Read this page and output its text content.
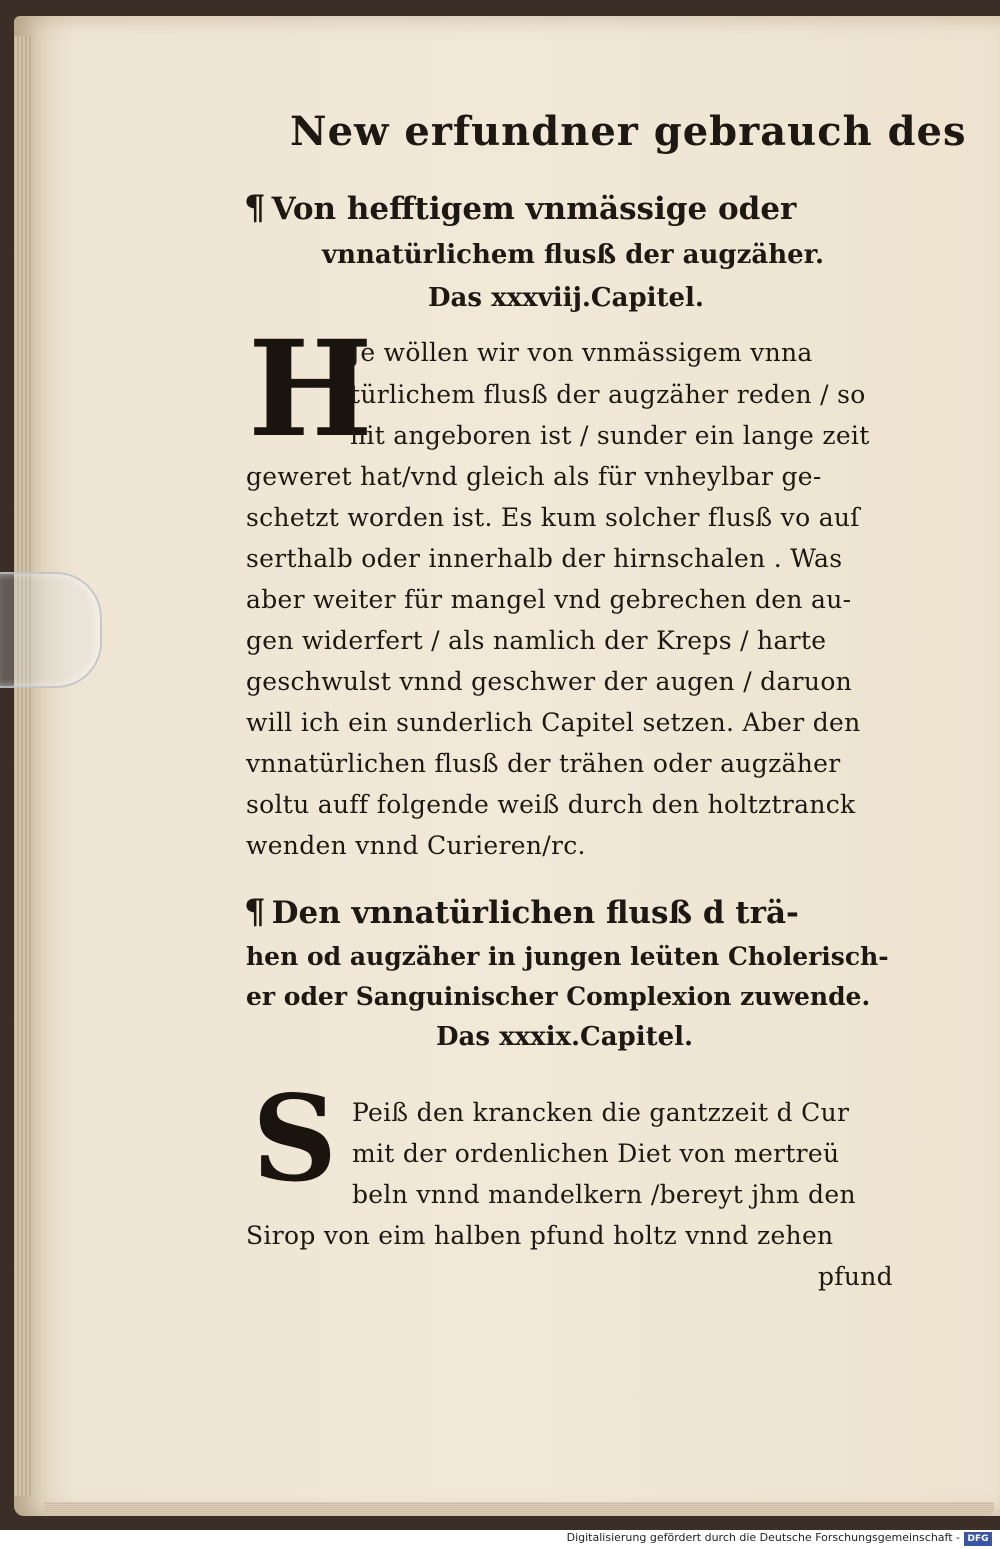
New erfundner gebrauch des
¶ Von hefftigem vnmässige oder
vnnatürlichem flusß der augzäher.
Das xxxviij.Capitel.
H
Je wöllen wir von vnmässigem vnna
türlichem flusß der augzäher reden / so
nit angeboren ist / sunder ein lange zeit
geweret hat/vnd gleich als für vnheylbar ge-
schetzt worden ist. Es kum solcher flusß vo auſ
serthalb oder innerhalb der hirnschalen . Was
aber weiter für mangel vnd gebrechen den au-
gen widerfert / als namlich der Kreps / harte
geschwulst vnnd geschwer der augen / daruon
will ich ein sunderlich Capitel setzen. Aber den
vnnatürlichen flusß der trähen oder augzäher
soltu auff folgende weiß durch den holtztranck
wenden vnnd Curieren/rc.
¶ Den vnnatürlichen flusß d trä-
hen od augzäher in jungen leüten Cholerisch-
er oder Sanguinischer Complexion zuwende.
Das xxxix.Capitel.
S Peiß den krancken die gantzzeit d Cur
mit der ordenlichen Diet von mertreü
beln vnnd mandelkern /bereyt jhm den
Sirop von eim halben pfund holtz vnnd zehen
pfund
Digitalisierung gefördert durch die Deutsche Forschungsgemeinschaft - DFG
